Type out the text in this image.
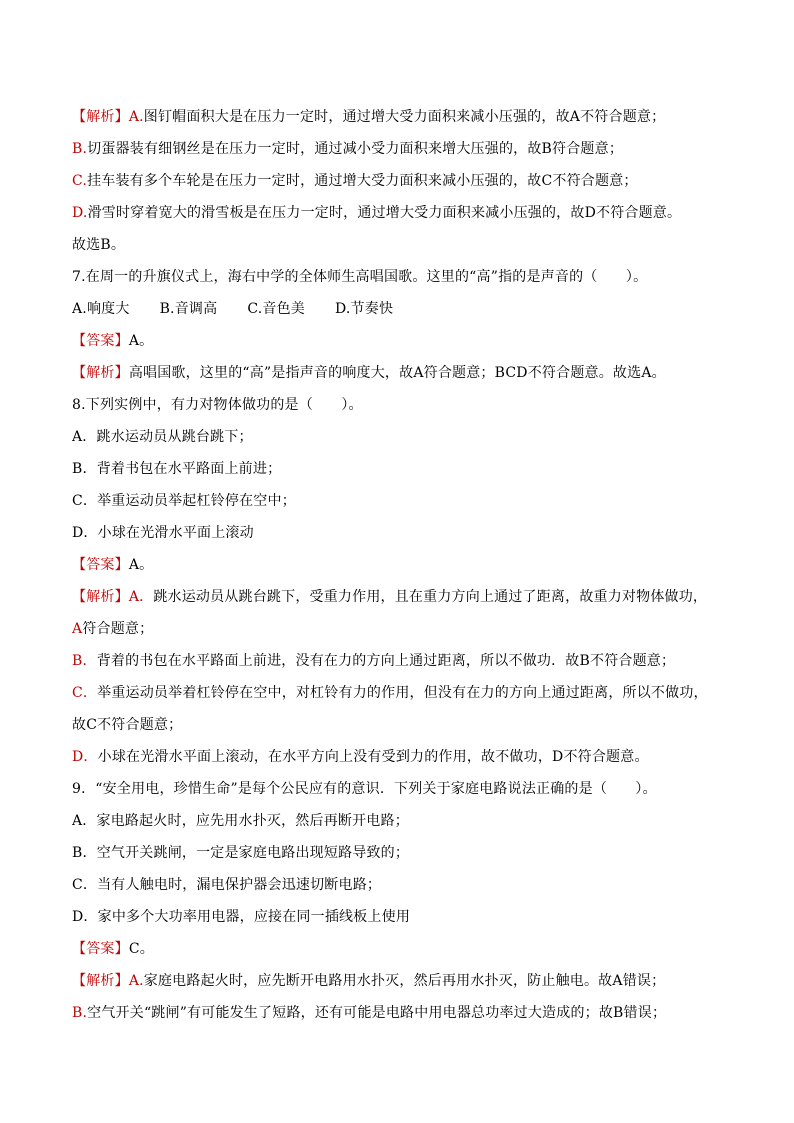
【解析】A.图钉帽面积大是在压力一定时，通过增大受力面积来减小压强的，故A不符合题意；
B.切蛋器装有细钢丝是在压力一定时，通过减小受力面积来增大压强的，故B符合题意；
C.挂车装有多个车轮是在压力一定时，通过增大受力面积来减小压强的，故C不符合题意；
D.滑雪时穿着宽大的滑雪板是在压力一定时，通过增大受力面积来减小压强的，故D不符合题意。
故选B。
7.在周一的升旗仪式上，海右中学的全体师生高唱国歌。这里的“高”指的是声音的（　　）。
A.响度大 B.音调高 C.音色美 D.节奏快
【答案】A。
【解析】高唱国歌，这里的“高”是指声音的响度大，故A符合题意；BCD不符合题意。故选A。
8.下列实例中，有力对物体做功的是（　　）。
A．跳水运动员从跳台跳下；
B．背着书包在水平路面上前进；
C．举重运动员举起杠铃停在空中；
D．小球在光滑水平面上滚动
【答案】A。
【解析】A．跳水运动员从跳台跳下，受重力作用，且在重力方向上通过了距离，故重力对物体做功，
A符合题意；
B．背着的书包在水平路面上前进，没有在力的方向上通过距离，所以不做功．故B不符合题意；
C．举重运动员举着杠铃停在空中，对杠铃有力的作用，但没有在力的方向上通过距离，所以不做功，
故C不符合题意；
D．小球在光滑水平面上滚动，在水平方向上没有受到力的作用，故不做功，D不符合题意。
9．“安全用电，珍惜生命”是每个公民应有的意识．下列关于家庭电路说法正确的是（　　）。
A．家电路起火时，应先用水扑灭，然后再断开电路；
B．空气开关跳闸，一定是家庭电路出现短路导致的；
C．当有人触电时，漏电保护器会迅速切断电路；
D．家中多个大功率用电器，应接在同一插线板上使用
【答案】C。
【解析】A.家庭电路起火时，应先断开电路用水扑灭，然后再用水扑灭，防止触电。故A错误；
B.空气开关“跳闸”有可能发生了短路，还有可能是电路中用电器总功率过大造成的；故B错误；
